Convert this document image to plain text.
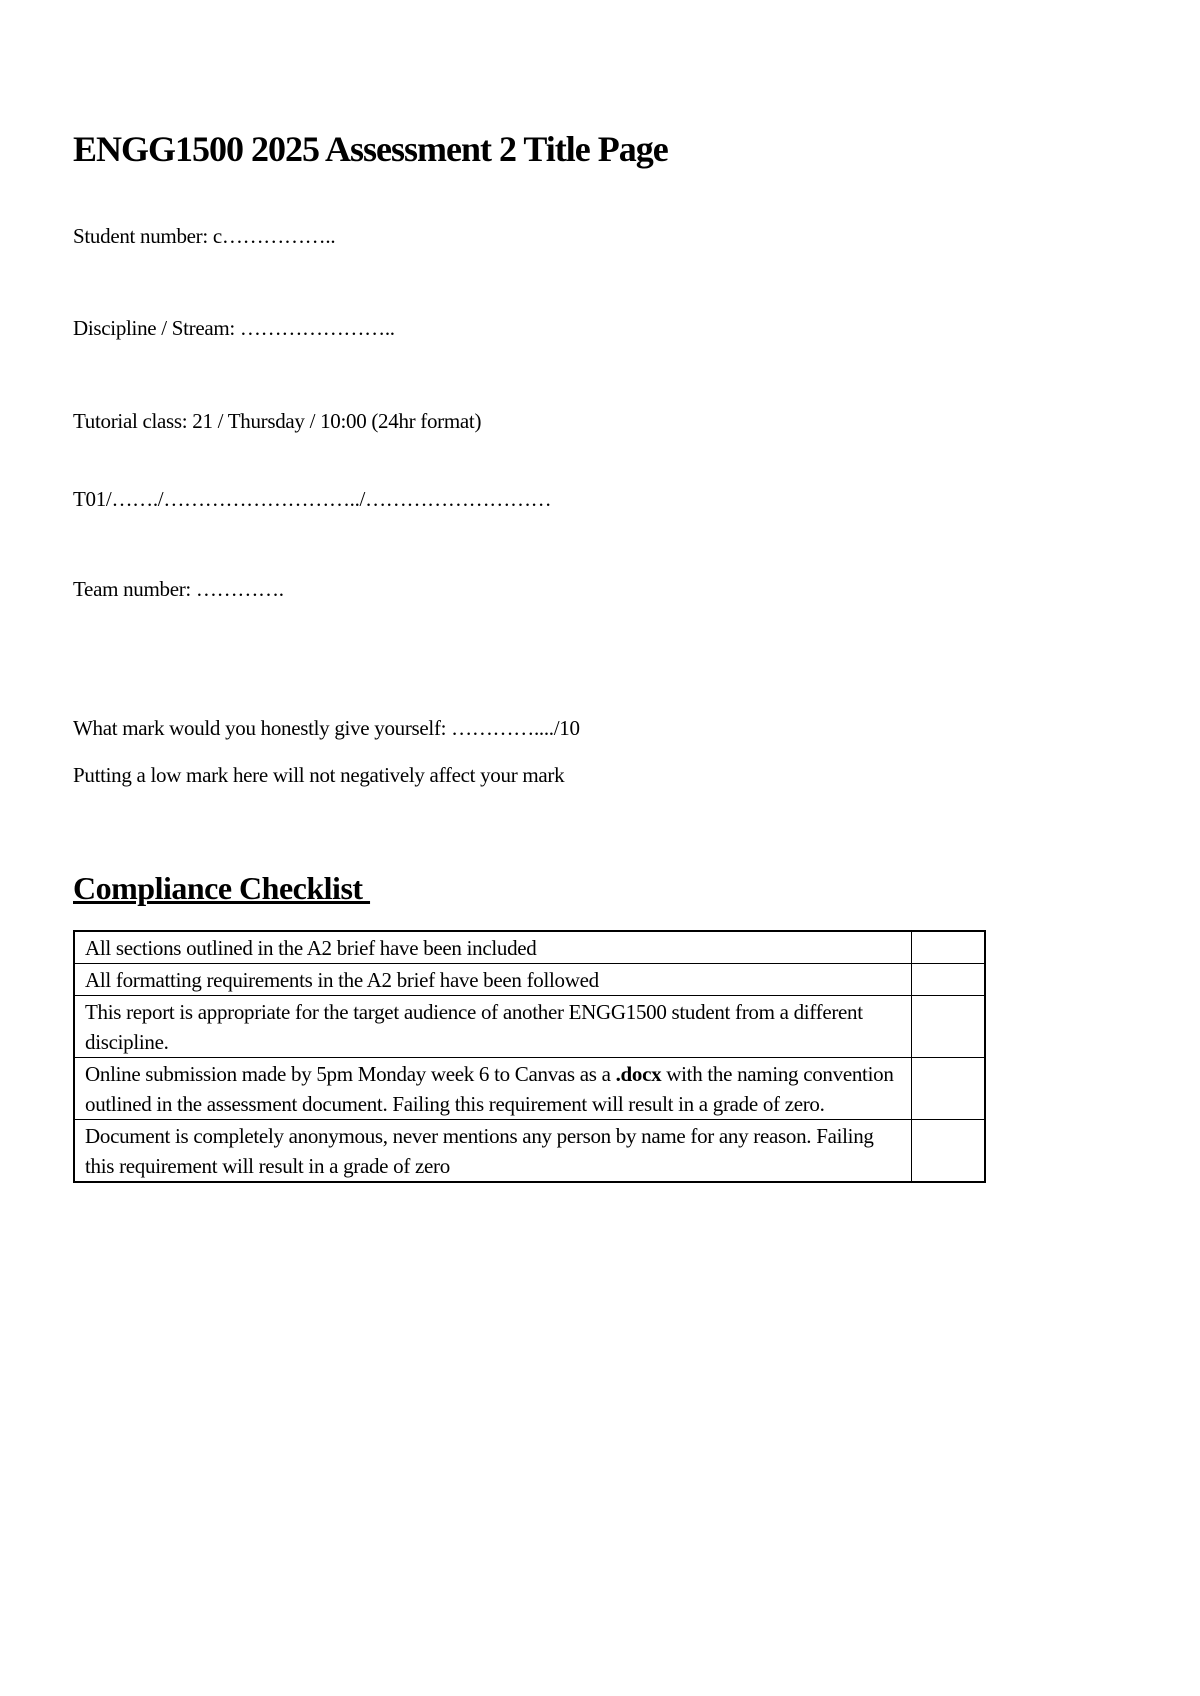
ENGG1500 2025 Assessment 2 Title Page

Student number: c……………..

Discipline / Stream: …………………..

Tutorial class: 21 / Thursday / 10:00 (24hr format)

T01/……./………………………../………………………

Team number: ………….

What mark would you honestly give yourself: …………..../10

Putting a low mark here will not negatively affect your mark

Compliance Checklist
All sections outlined in the A2 brief have been included	
All formatting requirements in the A2 brief have been followed	
This report is appropriate for the target audience of another ENGG1500 student from a different discipline.	
Online submission made by 5pm Monday week 6 to Canvas as a .docx with the naming convention outlined in the assessment document. Failing this requirement will result in a grade of zero.	
Document is completely anonymous, never mentions any person by name for any reason. Failing this requirement will result in a grade of zero	
